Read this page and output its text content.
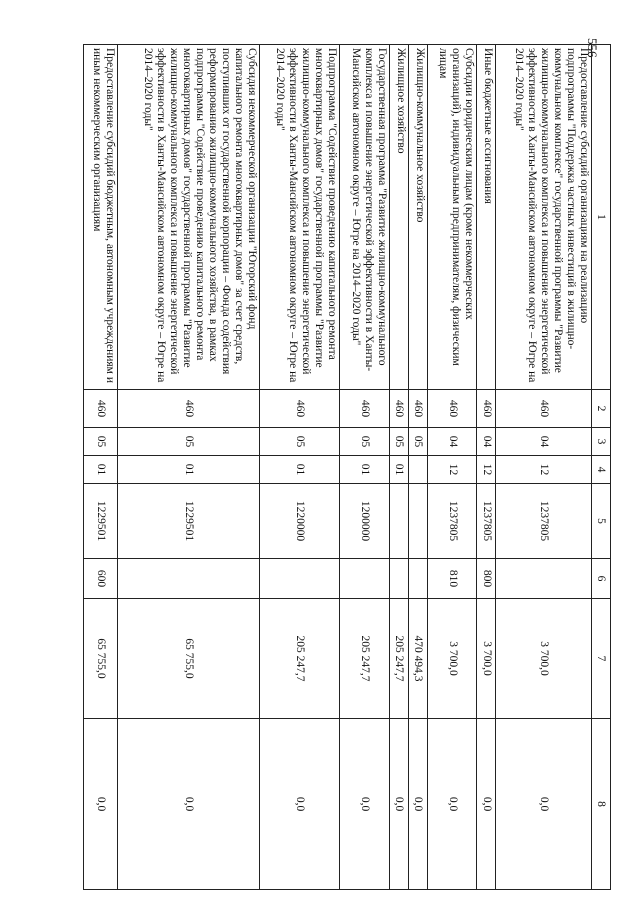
556
1	2	3	4	5	6	7	8
Предоставление субсидий организациям на реализацию подпрограммы "Поддержка частных инвестиций в жилищно-коммунальном комплексе" государственной программы "Развитие жилищно-коммунального комплекса и повышение энергетической эффективности в Ханты-Мансийском автономном округе – Югре на 2014–2020 годы"	460	04	12	1237805		3 700,0	0,0
Иные бюджетные ассигнования	460	04	12	1237805	800	3 700,0	0,0
Субсидии юридическим лицам (кроме некоммерческих организаций), индивидуальным предпринимателям, физическим лицам	460	04	12	1237805	810	3 700,0	0,0
Жилищно-коммунальное хозяйство	460	05				470 494,3	0,0
Жилищное хозяйство	460	05	01			205 247,7	0,0
Государственная программа "Развитие жилищно-коммунального комплекса и повышение энергетической эффективности в Ханты-Мансийском автономном округе – Югре на 2014–2020 годы"	460	05	01	1200000		205 247,7	0,0
Подпрограмма "Содействие проведению капитального ремонта многоквартирных домов" государственной программы "Развитие жилищно-коммунального комплекса и повышение энергетической эффективности в Ханты-Мансийском автономном округе – Югре на 2014–2020 годы"	460	05	01	1220000		205 247,7	0,0
Субсидия некоммерческой организации "Югорский фонд капитального ремонта многоквартирных домов" за счет средств, поступивших от государственной корпорации – Фонда содействия реформированию жилищно-коммунального хозяйства, в рамках подпрограммы "Содействие проведению капитального ремонта многоквартирных домов" государственной программы "Развитие жилищно-коммунального комплекса и повышение энергетической эффективности в Ханты-Мансийском автономном округе – Югре на 2014–2020 годы"	460	05	01	1229501		65 755,0	0,0
Предоставление субсидий бюджетным, автономным учреждениям и иным некоммерческим организациям	460	05	01	1229501	600	65 755,0	0,0
